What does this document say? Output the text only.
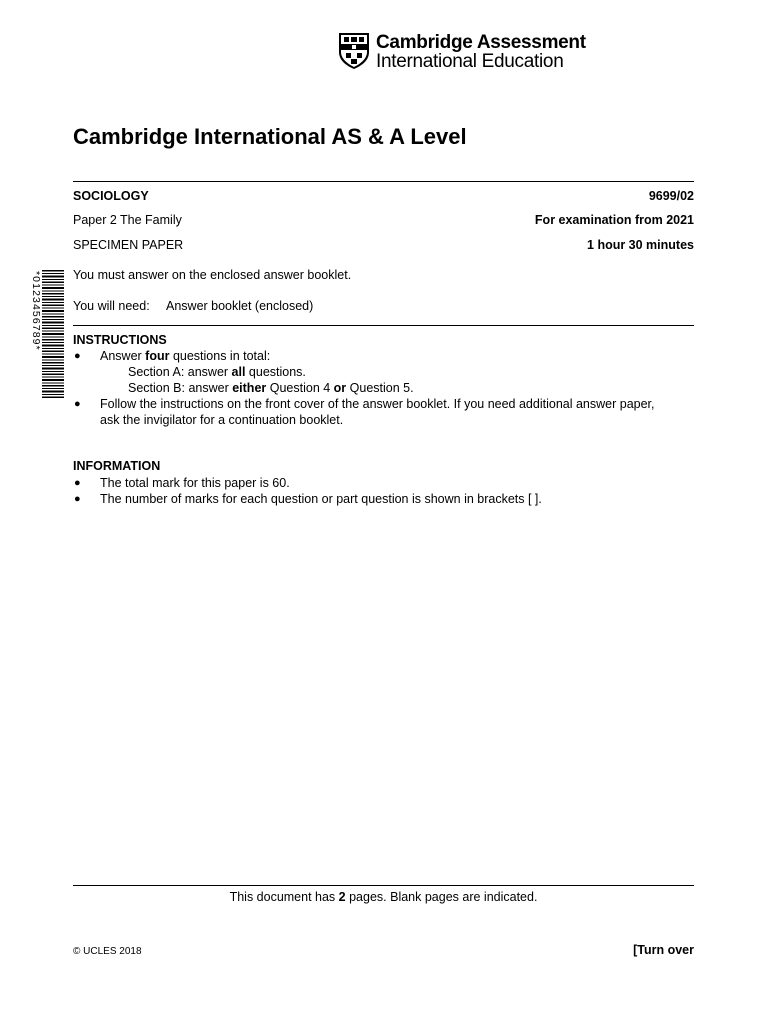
Cambridge Assessment
International Education
Cambridge International AS & A Level
SOCIOLOGY	9699/02
Paper 2 The Family	For examination from 2021
SPECIMEN PAPER	1 hour 30 minutes
You must answer on the enclosed answer booklet.
You will need: Answer booklet (enclosed)
*0123456789* INSTRUCTIONS
● Answer four questions in total:
Section A: answer all questions.
Section B: answer either Question 4 or Question 5.
● Follow the instructions on the front cover of the answer booklet. If you need additional answer paper,
ask the invigilator for a continuation booklet.
INFORMATION
● The total mark for this paper is 60.
● The number of marks for each question or part question is shown in brackets [ ].
This document has 2 pages. Blank pages are indicated.
© UCLES 2018	[Turn over
